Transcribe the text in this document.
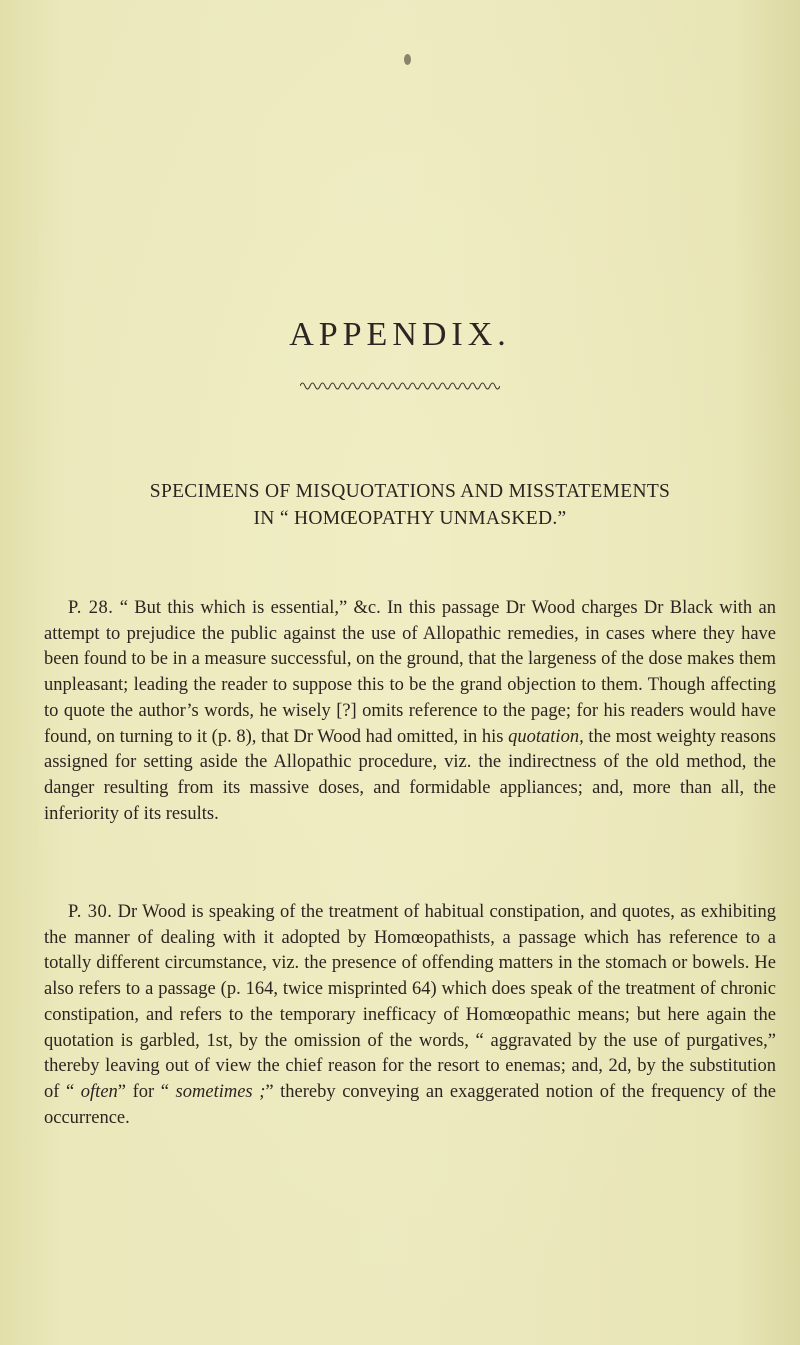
APPENDIX.
SPECIMENS OF MISQUOTATIONS AND MISSTATEMENTS
IN “ HOMŒOPATHY UNMASKED.”

P. 28. “ But this which is essential,” &c. In this passage Dr Wood charges Dr Black with an attempt to prejudice the public against the use of Allopathic remedies, in cases where they have been found to be in a measure successful, on the ground, that the largeness of the dose makes them unpleasant; leading the reader to suppose this to be the grand objection to them. Though affecting to quote the author’s words, he wisely [?] omits reference to the page; for his readers would have found, on turning to it (p. 8), that Dr Wood had omitted, in his quotation, the most weighty reasons assigned for setting aside the Allopathic procedure, viz. the indirectness of the old method, the danger resulting from its massive doses, and formidable appliances; and, more than all, the inferiority of its results.

P. 30. Dr Wood is speaking of the treatment of habitual constipation, and quotes, as exhibiting the manner of dealing with it adopted by Homœopathists, a passage which has reference to a totally different circumstance, viz. the presence of offending matters in the stomach or bowels. He also refers to a passage (p. 164, twice misprinted 64) which does speak of the treatment of chronic constipation, and refers to the temporary inefficacy of Homœopathic means; but here again the quotation is garbled, 1st, by the omission of the words, “ aggravated by the use of purgatives,” thereby leaving out of view the chief reason for the resort to enemas; and, 2d, by the substitution of “ often” for “ sometimes ;” thereby conveying an exaggerated notion of the frequency of the occurrence.
